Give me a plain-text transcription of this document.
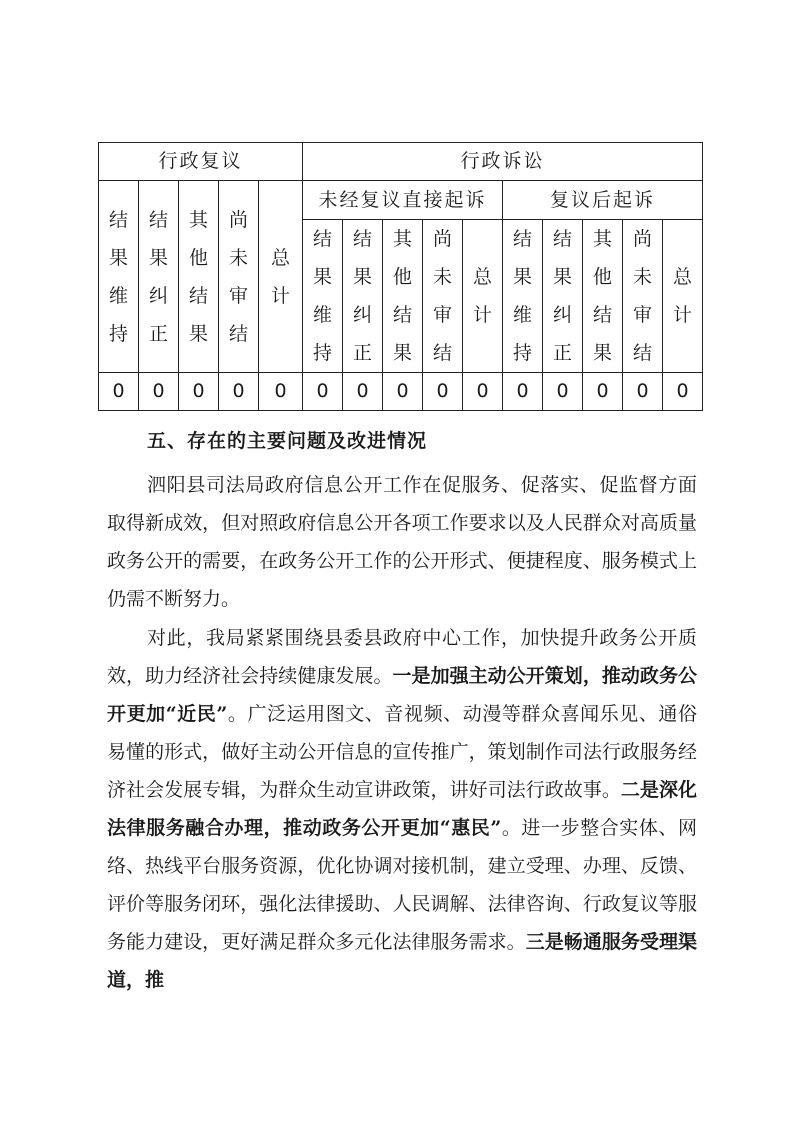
行政复议					行政诉讼									
结果维持	结果纠正	其他结果	尚未审结	总计	未经复议直接起诉					复议后起诉				
					结果维持	结果纠正	其他结果	尚未审结	总计	结果维持	结果纠正	其他结果	尚未审结	总计
0	0	0	0	0	0	0	0	0	0	0	0	0	0	0
五、存在的主要问题及改进情况

泗阳县司法局政府信息公开工作在促服务、促落实、促监督方面取得新成效，但对照政府信息公开各项工作要求以及人民群众对高质量政务公开的需要，在政务公开工作的公开形式、便捷程度、服务模式上仍需不断努力。

对此，我局紧紧围绕县委县政府中心工作，加快提升政务公开质效，助力经济社会持续健康发展。一是加强主动公开策划，推动政务公开更加“近民”。广泛运用图文、音视频、动漫等群众喜闻乐见、通俗易懂的形式，做好主动公开信息的宣传推广，策划制作司法行政服务经济社会发展专辑，为群众生动宣讲政策，讲好司法行政故事。二是深化法律服务融合办理，推动政务公开更加“惠民”。进一步整合实体、网络、热线平台服务资源，优化协调对接机制，建立受理、办理、反馈、评价等服务闭环，强化法律援助、人民调解、法律咨询、行政复议等服务能力建设，更好满足群众多元化法律服务需求。三是畅通服务受理渠道，推
